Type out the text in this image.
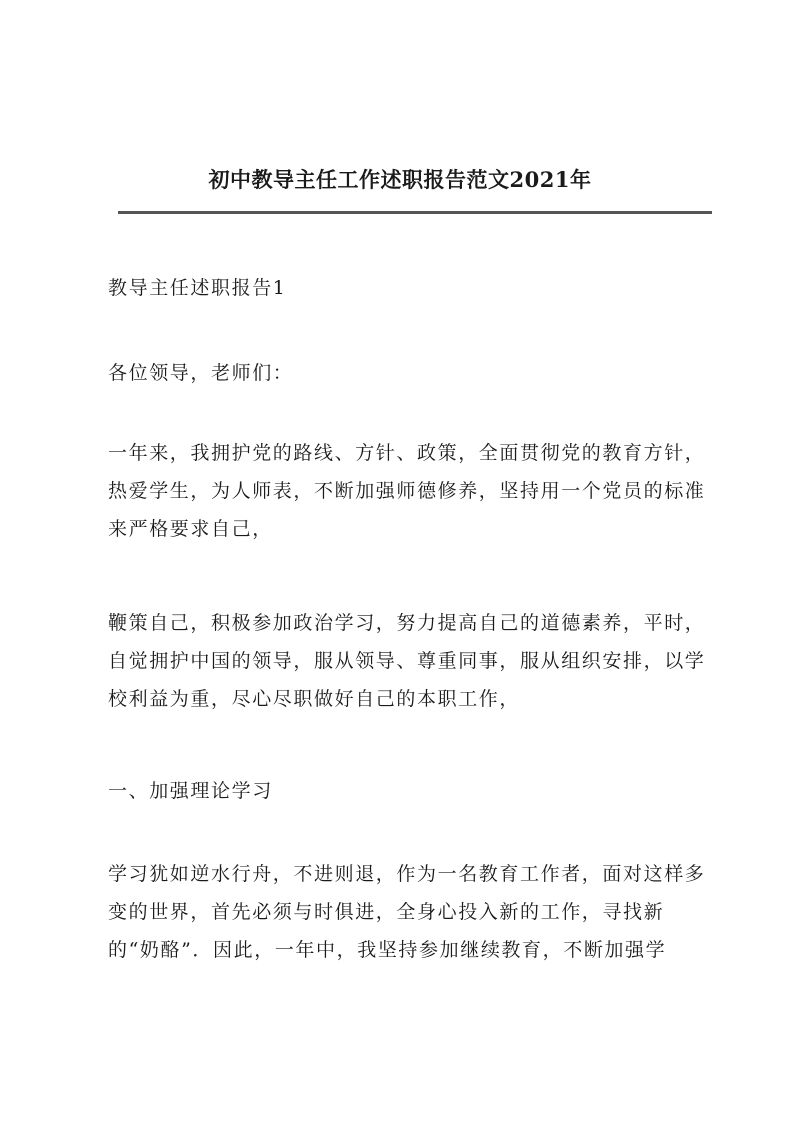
初中教导主任工作述职报告范文2021年

教导主任述职报告1

各位领导，老师们：

一年来，我拥护党的路线、方针、政策，全面贯彻党的教育方针，热爱学生，为人师表，不断加强师德修养，坚持用一个党员的标准来严格要求自己，

鞭策自己，积极参加政治学习，努力提高自己的道德素养，平时，自觉拥护中国的领导，服从领导、尊重同事，服从组织安排，以学校利益为重，尽心尽职做好自己的本职工作，

一、加强理论学习

学习犹如逆水行舟，不进则退，作为一名教育工作者，面对这样多变的世界，首先必须与时俱进，全身心投入新的工作，寻找新的“奶酪”．因此，一年中，我坚持参加继续教育，不断加强学
